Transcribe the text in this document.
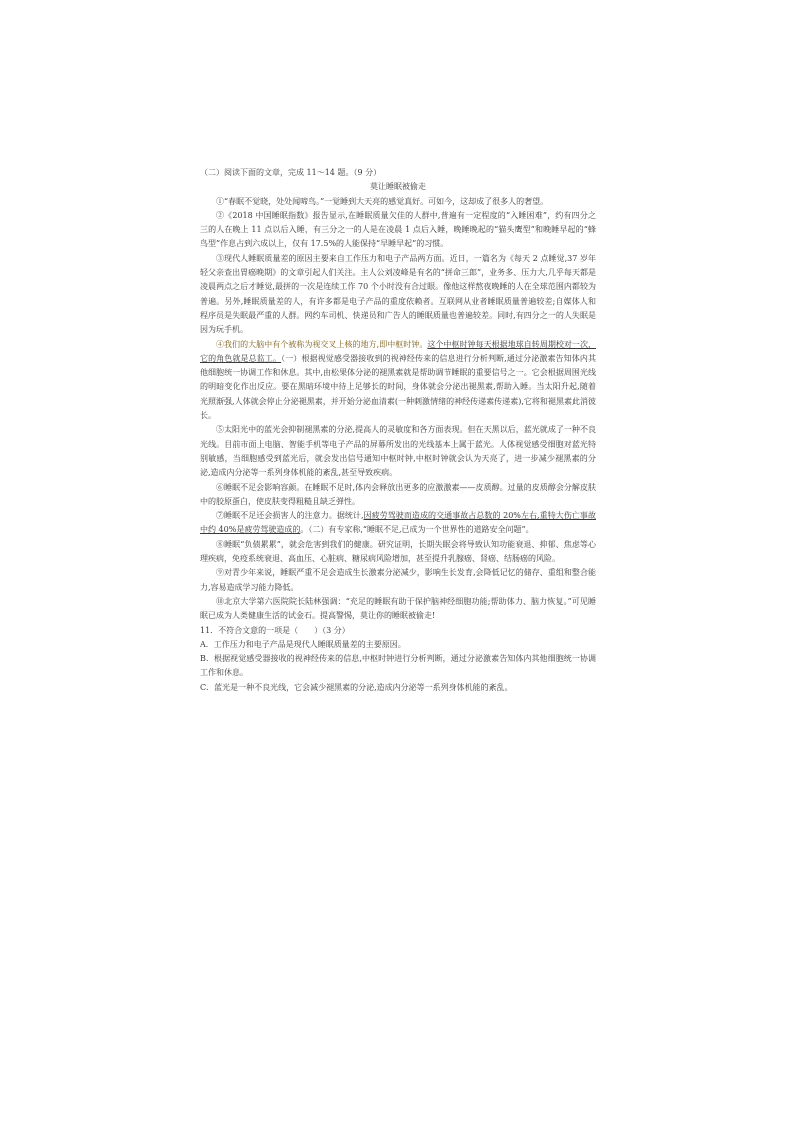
（二）阅读下面的文章，完成 11～14 题。（9 分）

莫让睡眠被偷走

①“春眠不觉晓，处处闻啼鸟。”一觉睡到大天亮的感觉真好。可如今，这却成了很多人的奢望。

②《2018 中国睡眠指数》报告显示,在睡眠质量欠佳的人群中,普遍有一定程度的“入睡困难”，约有四分之三的人在晚上 11 点以后入睡，有三分之一的人是在凌晨 1 点后入睡，晚睡晚起的“猫头鹰型”和晚睡早起的“蜂鸟型”作息占到六成以上，仅有 17.5%的人能保持“早睡早起”的习惯。

③现代人睡眠质量差的原因主要来自工作压力和电子产品两方面。近日，一篇名为《每天 2 点睡觉,37 岁年轻父亲查出胃癌晚期》的文章引起人们关注。主人公刘凌峰是有名的“拼命三郎”，业务多、压力大,几乎每天都是凌晨两点之后才睡觉,最拼的一次是连续工作 70 个小时没有合过眼。像他这样熬夜晚睡的人在全球范围内都较为普遍。另外,睡眠质量差的人，有许多都是电子产品的重度依赖者。互联网从业者睡眠质量普遍较差;自媒体人和程序员是失眠最严重的人群。网约车司机、快递员和广告人的睡眠质量也普遍较差。同时,有四分之一的人失眠是因为玩手机。

④我们的大脑中有个被称为视交叉上核的地方,即中枢时钟。这个中枢时钟每天根据地球自转周期校对一次，它的角色就是总监工。（一）根据视觉感受器接收到的视神经传来的信息进行分析判断,通过分泌激素告知体内其他细胞统一协调工作和休息。其中,由松果体分泌的褪黑素就是帮助调节睡眠的重要信号之一。它会根据周围光线的明暗变化作出反应。要在黑暗环境中待上足够长的时间，身体就会分泌出褪黑素,帮助入睡。当太阳升起,随着光照渐强,人体就会停止分泌褪黑素，并开始分泌血清素(一种刺激情绪的神经传递素传递素),它将和褪黑素此消彼长。

⑤太阳光中的蓝光会抑制褪黑素的分泌,提高人的灵敏度和各方面表现。但在天黑以后，蓝光就成了一种不良光线。目前市面上电脑、智能手机等电子产品的屏幕所发出的光线基本上属于蓝光。人体视觉感受细胞对蓝光特别敏感，当细胞感受到蓝光后，就会发出信号通知中枢时钟,中枢时钟就会认为天亮了，进一步减少褪黑素的分泌,造成内分泌等一系列身体机能的紊乱,甚至导致疾病。

⑥睡眠不足会影响容颜。在睡眠不足时,体内会释放出更多的应激激素——皮质醇。过量的皮质醇会分解皮肤中的胶原蛋白，使皮肤变得粗糙且缺乏弹性。

⑦睡眠不足还会损害人的注意力。据统计,因疲劳驾驶而造成的交通事故占总数的 20%左右,重特大伤亡事故中约 40%是疲劳驾驶造成的。（二）有专家称,“睡眠不足,已成为一个世界性的道路安全问题”。

⑧睡眠“负债累累”，就会危害到我们的健康。研究证明，长期失眠会将导致认知功能衰退、抑郁、焦虑等心理疾病，免疫系统衰退、高血压、心脏病、糖尿病风险增加，甚至提升乳腺癌、肾癌、结肠癌的风险。

⑨对青少年来说，睡眠严重不足会造成生长激素分泌减少，影响生长发育,会降低记忆的储存、重组和整合能力,容易造成学习能力降低。

⑩北京大学第六医院院长陆林强调：“充足的睡眠有助于保护脑神经细胞功能;帮助体力、脑力恢复。”可见睡眠已成为人类健康生活的试金石。提高警惕，莫让你的睡眠被偷走!

11．不符合文意的一项是（　　）（3 分）

A．工作压力和电子产品是现代人睡眠质量差的主要原因。

B．根据视觉感受器接收的视神经传来的信息,中枢时钟进行分析判断，通过分泌激素告知体内其他细胞统一协调工作和休息。

C．蓝光是一种不良光线，它会减少褪黑素的分泌,造成内分泌等一系列身体机能的紊乱。
